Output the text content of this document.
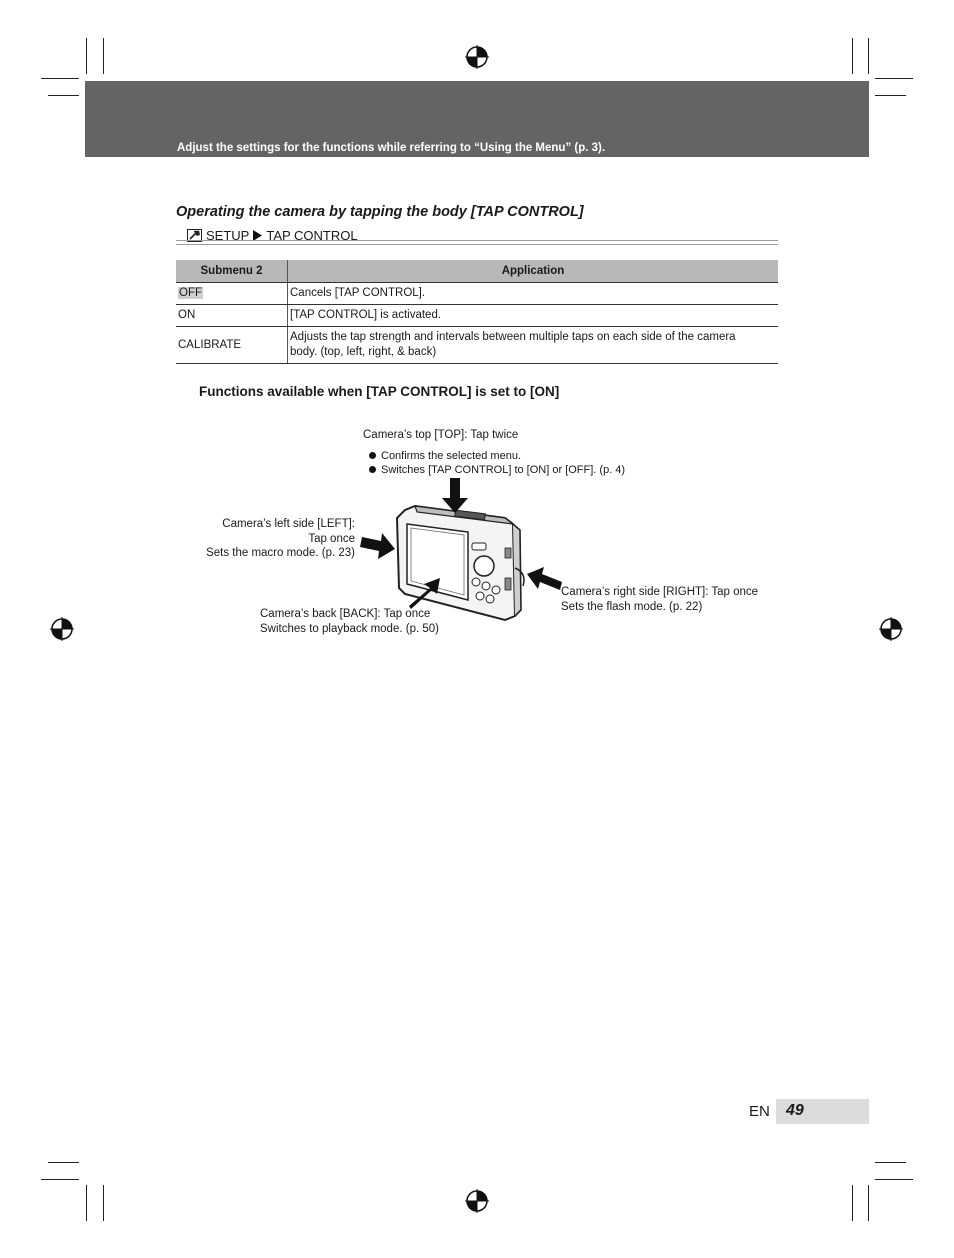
Adjust the settings for the functions while referring to “Using the Menu” (p. 3).
Operating the camera by tapping the body [TAP CONTROL]
SETUP TAP CONTROL
Submenu 2	Application
OFF	Cancels [TAP CONTROL].
ON	[TAP CONTROL] is activated.
CALIBRATE	Adjusts the tap strength and intervals between multiple taps on each side of the camera
body. (top, left, right, & back)
Functions available when [TAP CONTROL] is set to [ON]
Camera’s top [TOP]: Tap twice
Confirms the selected menu.
Switches [TAP CONTROL] to [ON] or [OFF]. (p. 4)
Camera’s left side [LEFT]:
Tap once
Sets the macro mode. (p. 23)
Camera’s right side [RIGHT]: Tap once
Sets the flash mode. (p. 22)
Camera’s back [BACK]: Tap once
Switches to playback mode. (p. 50)
EN 49
